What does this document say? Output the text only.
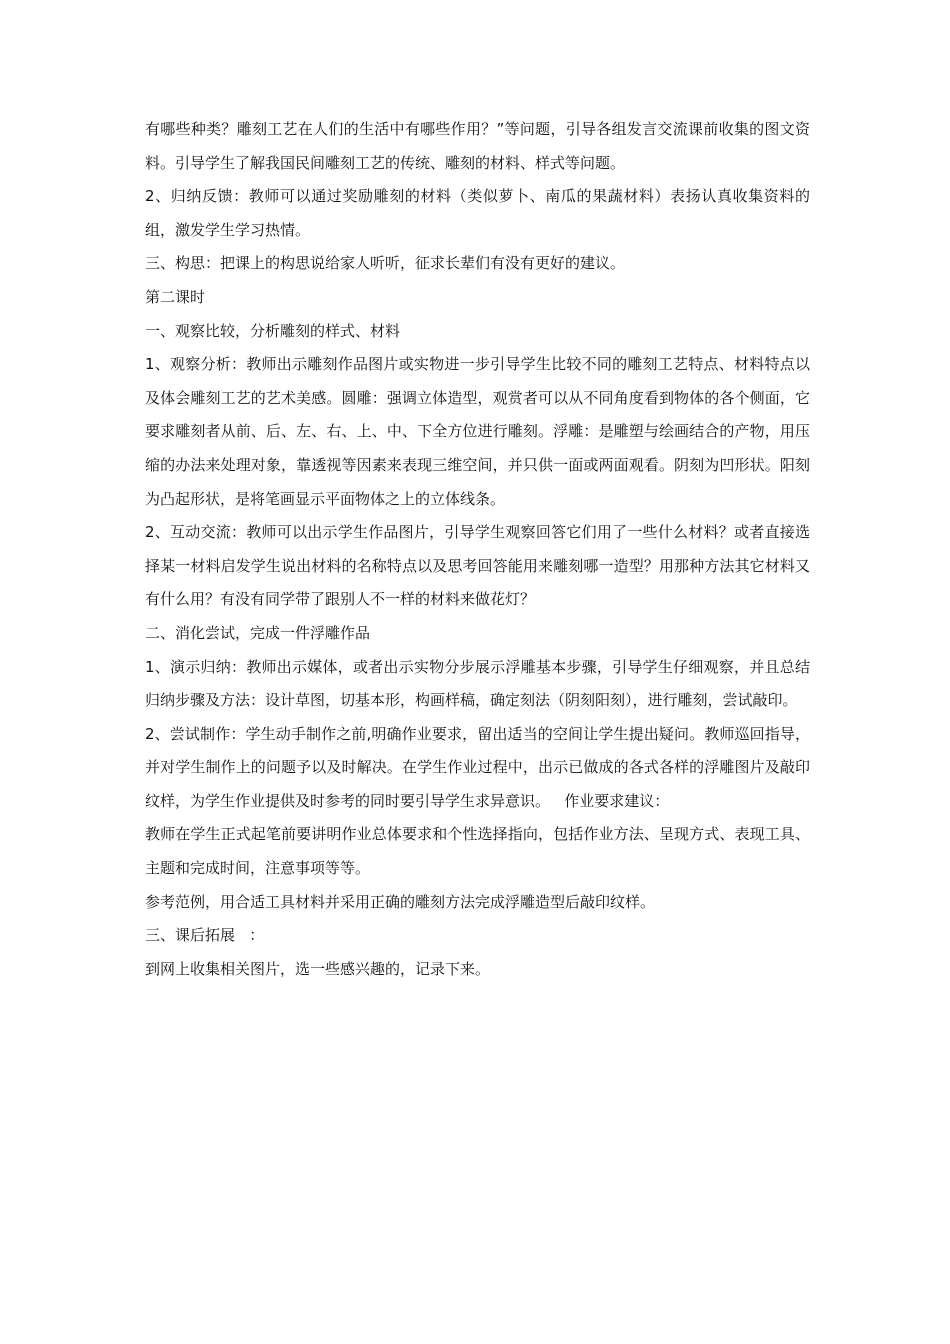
有哪些种类？雕刻工艺在人们的生活中有哪些作用？”等问题，引导各组发言交流课前收集的图文资料。引导学生了解我国民间雕刻工艺的传统、雕刻的材料、样式等问题。

2、归纳反馈：教师可以通过奖励雕刻的材料（类似萝卜、南瓜的果蔬材料）表扬认真收集资料的组，激发学生学习热情。

三、构思：把课上的构思说给家人听听，征求长辈们有没有更好的建议。

第二课时

一、观察比较，分析雕刻的样式、材料

1、观察分析：教师出示雕刻作品图片或实物进一步引导学生比较不同的雕刻工艺特点、材料特点以及体会雕刻工艺的艺术美感。圆雕：强调立体造型，观赏者可以从不同角度看到物体的各个侧面，它要求雕刻者从前、后、左、右、上、中、下全方位进行雕刻。浮雕：是雕塑与绘画结合的产物，用压缩的办法来处理对象，靠透视等因素来表现三维空间，并只供一面或两面观看。阴刻为凹形状。阳刻为凸起形状，是将笔画显示平面物体之上的立体线条。

2、互动交流：教师可以出示学生作品图片，引导学生观察回答它们用了一些什么材料？或者直接选择某一材料启发学生说出材料的名称特点以及思考回答能用来雕刻哪一造型？用那种方法其它材料又有什么用？有没有同学带了跟别人不一样的材料来做花灯？

二、消化尝试，完成一件浮雕作品

1、演示归纳：教师出示媒体，或者出示实物分步展示浮雕基本步骤，引导学生仔细观察，并且总结归纳步骤及方法：设计草图，切基本形，构画样稿，确定刻法（阴刻阳刻），进行雕刻，尝试敲印。

2、尝试制作：学生动手制作之前,明确作业要求，留出适当的空间让学生提出疑问。教师巡回指导，并对学生制作上的问题予以及时解决。在学生作业过程中，出示已做成的各式各样的浮雕图片及敲印纹样，为学生作业提供及时参考的同时要引导学生求异意识。   作业要求建议：

教师在学生正式起笔前要讲明作业总体要求和个性选择指向，包括作业方法、呈现方式、表现工具、主题和完成时间，注意事项等等。

参考范例，用合适工具材料并采用正确的雕刻方法完成浮雕造型后敲印纹样。

三、课后拓展   ：

到网上收集相关图片，选一些感兴趣的，记录下来。
